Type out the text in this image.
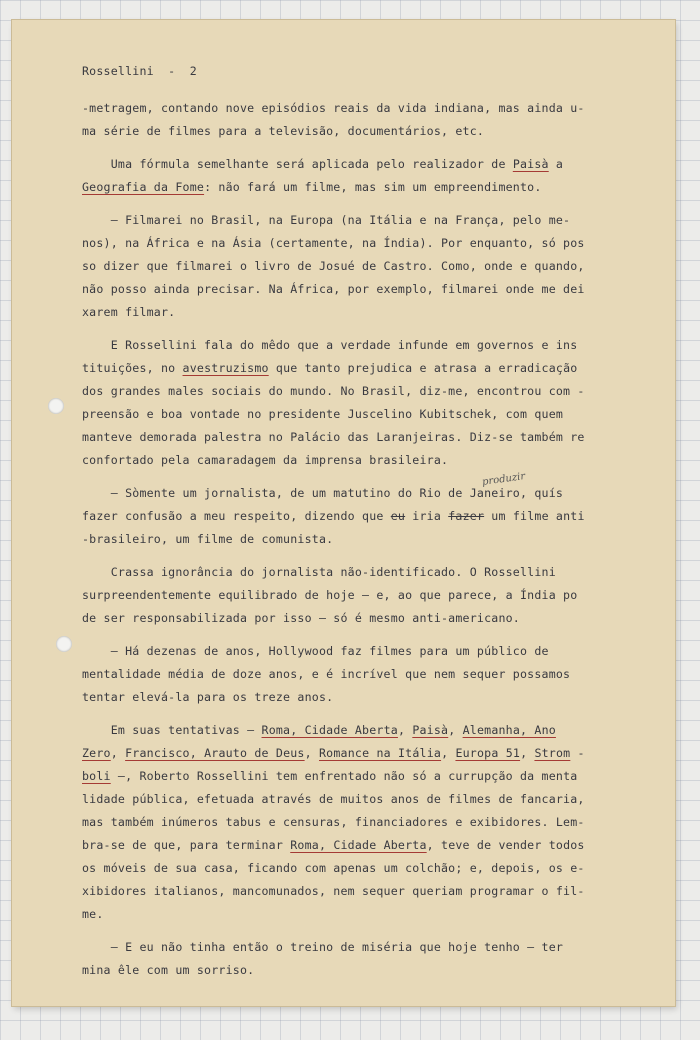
Rossellini  -  2
-metragem, contando nove episódios reais da vida indiana, mas ainda u-
ma série de filmes para a televisão, documentários, etc.
Uma fórmula semelhante será aplicada pelo realizador de Paisà a
Geografia da Fome: não fará um filme, mas sim um empreendimento.
— Filmarei no Brasil, na Europa (na Itália e na França, pelo me-
nos), na África e na Ásia (certamente, na Índia). Por enquanto, só pos
so dizer que filmarei o livro de Josué de Castro. Como, onde e quando,
não posso ainda precisar. Na África, por exemplo, filmarei onde me dei
xarem filmar.
E Rossellini fala do mêdo que a verdade infunde em governos e ins
tituições, no avestruzismo que tanto prejudica e atrasa a erradicação
dos grandes males sociais do mundo. No Brasil, diz-me, encontrou com -
preensão e boa vontade no presidente Juscelino Kubitschek, com quem
manteve demorada palestra no Palácio das Laranjeiras. Diz-se também re
confortado pela camaradagem da imprensa brasileira.
— Sòmente um jornalista, de um matutino do Rio de Janeiro, quís
fazer confusão a meu respeito, dizendo que eu iria fazer um filme anti
-brasileiro, um filme de comunista.
Crassa ignorância do jornalista não-identificado. O Rossellini
surpreendentemente equilibrado de hoje — e, ao que parece, a Índia po
de ser responsabilizada por isso — só é mesmo anti-americano.
— Há dezenas de anos, Hollywood faz filmes para um público de
mentalidade média de doze anos, e é incrível que nem sequer possamos
tentar elevá-la para os treze anos.
Em suas tentativas — Roma, Cidade Aberta, Paisà, Alemanha, Ano
Zero, Francisco, Arauto de Deus, Romance na Itália, Europa 51, Strom -
boli —, Roberto Rossellini tem enfrentado não só a currupção da menta
lidade pública, efetuada através de muitos anos de filmes de fancaria,
mas também inúmeros tabus e censuras, financiadores e exibidores. Lem-
bra-se de que, para terminar Roma, Cidade Aberta, teve de vender todos
os móveis de sua casa, ficando com apenas um colchão; e, depois, os e-
xibidores italianos, mancomunados, nem sequer queriam programar o fil-
me.
— E eu não tinha então o treino de miséria que hoje tenho — ter
mina êle com um sorriso.
produzir
